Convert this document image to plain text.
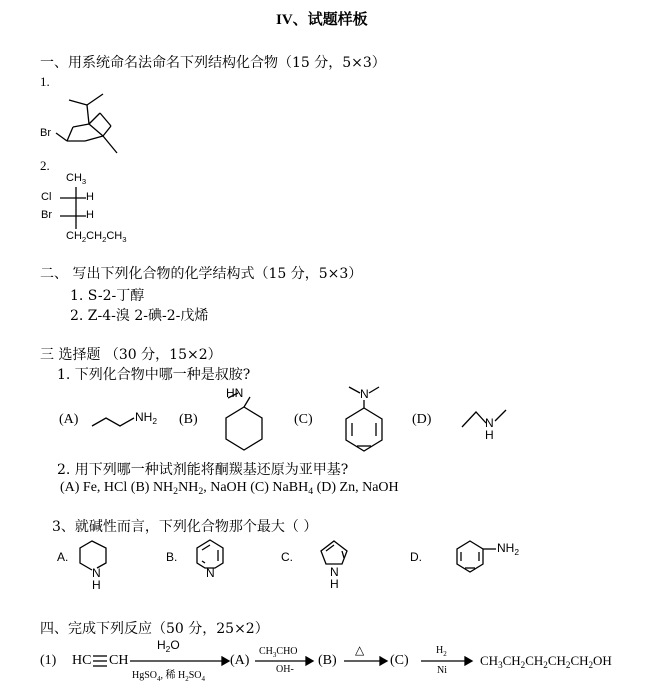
IV、试题样板
一、用系统命名法命名下列结构化合物（15 分，5×3）
1.
Br
2.
$CH_3$
Cl	H
Br	H
$CH_2CH_2CH_3$
二、 写出下列化合物的化学结构式（15 分，5×3）
1. S-2-丁醇
2. Z-4-溴 2-碘-2-戊烯
三 选择题 （30 分，15×2）
1. 下列化合物中哪一种是叔胺?
(A)	(B)	(C)	(D)
$NH_2$
HN	N
N
H
2. 用下列哪一种试剂能将酮羰基还原为亚甲基?
(A) Fe, HCl (B) $NH_2NH_2$, NaOH (C) NaBH$_4$ (D) Zn, NaOH
3、就碱性而言，下列化合物那个最大（ ）
A.	B.	C.	D.
N
H
N	N
H
$NH_2$
四、完成下列反应（50 分，25×2）
(1) HC CH
$H_2O$
HgSO$_4$, 稀 $H_2SO_4$
(A)
$CH_3CHO$
OH-
(B)
△
(C)
$H_2$
Ni
$CH_3CH_2CH_2CH_2CH_2OH$
